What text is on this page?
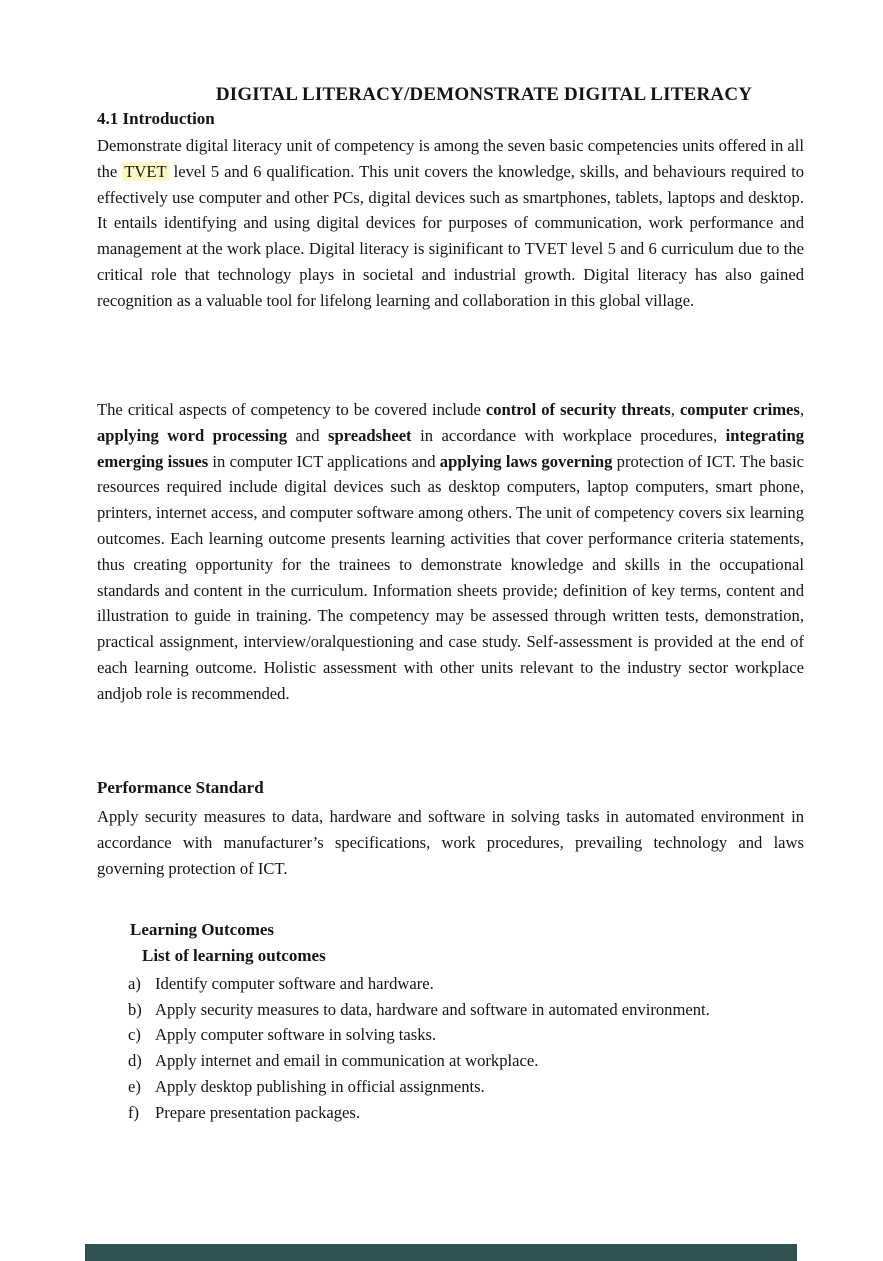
DIGITAL LITERACY/DEMONSTRATE DIGITAL LITERACY
4.1 Introduction
Demonstrate digital literacy unit of competency is among the seven basic competencies units offered in all the TVET level 5 and 6 qualification. This unit covers the knowledge, skills, and behaviours required to effectively use computer and other PCs, digital devices such as smartphones, tablets, laptops and desktop. It entails identifying and using digital devices for purposes of communication, work performance and management at the work place. Digital literacy is siginificant to TVET level 5 and 6 curriculum due to the critical role that technology plays in societal and industrial growth. Digital literacy has also gained recognition as a valuable tool for lifelong learning and collaboration in this global village.
The critical aspects of competency to be covered include control of security threats, computer crimes, applying word processing and spreadsheet in accordance with workplace procedures, integrating emerging issues in computer ICT applications and applying laws governing protection of ICT. The basic resources required include digital devices such as desktop computers, laptop computers, smart phone, printers, internet access, and computer software among others. The unit of competency covers six learning outcomes. Each learning outcome presents learning activities that cover performance criteria statements, thus creating opportunity for the trainees to demonstrate knowledge and skills in the occupational standards and content in the curriculum. Information sheets provide; definition of key terms, content and illustration to guide in training. The competency may be assessed through written tests, demonstration, practical assignment, interview/oralquestioning and case study. Self-assessment is provided at the end of each learning outcome. Holistic assessment with other units relevant to the industry sector workplace andjob role is recommended.
Performance Standard
Apply security measures to data, hardware and software in solving tasks in automated environment in accordance with manufacturer’s specifications, work procedures, prevailing technology and laws governing protection of ICT.
Learning Outcomes
List of learning outcomes
a) Identify computer software and hardware.
b) Apply security measures to data, hardware and software in automated environment.
c) Apply computer software in solving tasks.
d) Apply internet and email in communication at workplace.
e) Apply desktop publishing in official assignments.
f) Prepare presentation packages.
